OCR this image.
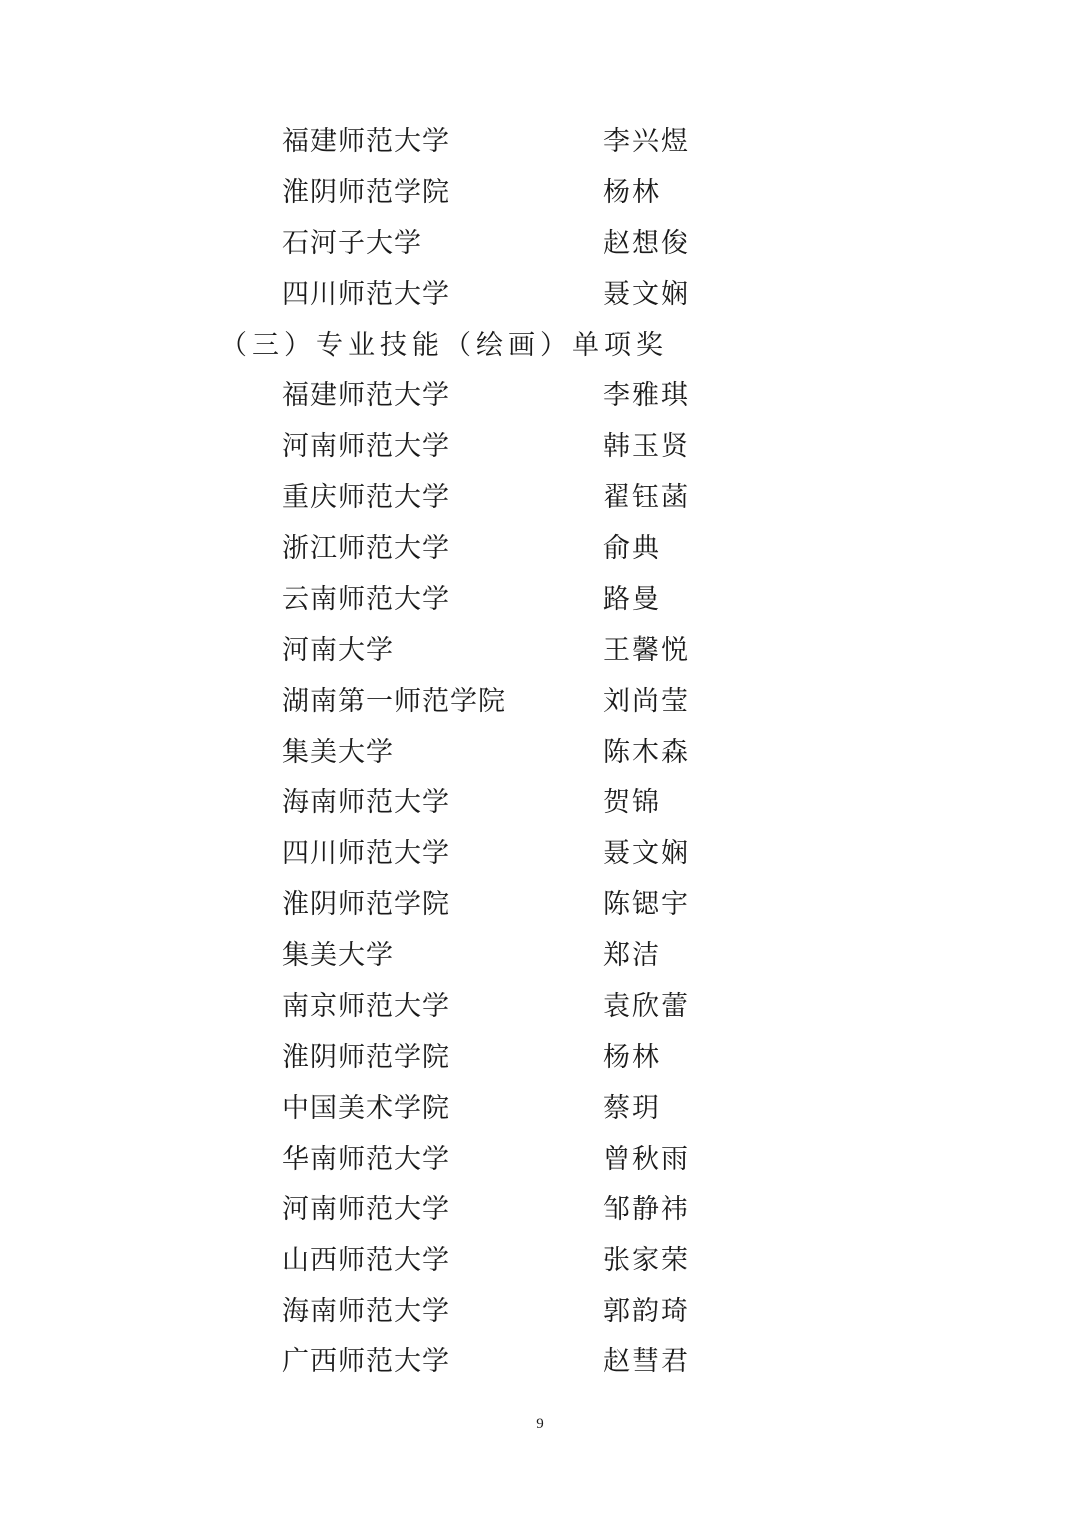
福建师范大学	李兴煜
淮阴师范学院	杨林
石河子大学	赵想俊
四川师范大学	聂文娴
（三）专业技能（绘画）单项奖
福建师范大学	李雅琪
河南师范大学	韩玉贤
重庆师范大学	翟钰菡
浙江师范大学	俞典
云南师范大学	路曼
河南大学	王馨悦
湖南第一师范学院	刘尚莹
集美大学	陈木森
海南师范大学	贺锦
四川师范大学	聂文娴
淮阴师范学院	陈锶宇
集美大学	郑洁
南京师范大学	袁欣蕾
淮阴师范学院	杨林
中国美术学院	蔡玥
华南师范大学	曾秋雨
河南师范大学	邹静祎
山西师范大学	张家荣
海南师范大学	郭韵琦
广西师范大学	赵彗君
9
